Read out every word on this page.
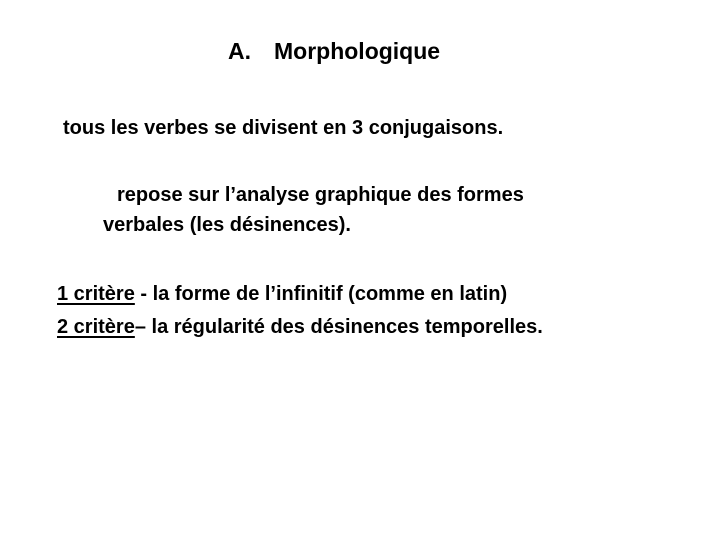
A. Morphologique
tous les verbes se divisent en 3 conjugaisons.
repose sur l’analyse graphique des formes
verbales (les désinences).
1 critère - la forme de l’infinitif (comme en latin)
2 critère– la régularité des désinences temporelles.
